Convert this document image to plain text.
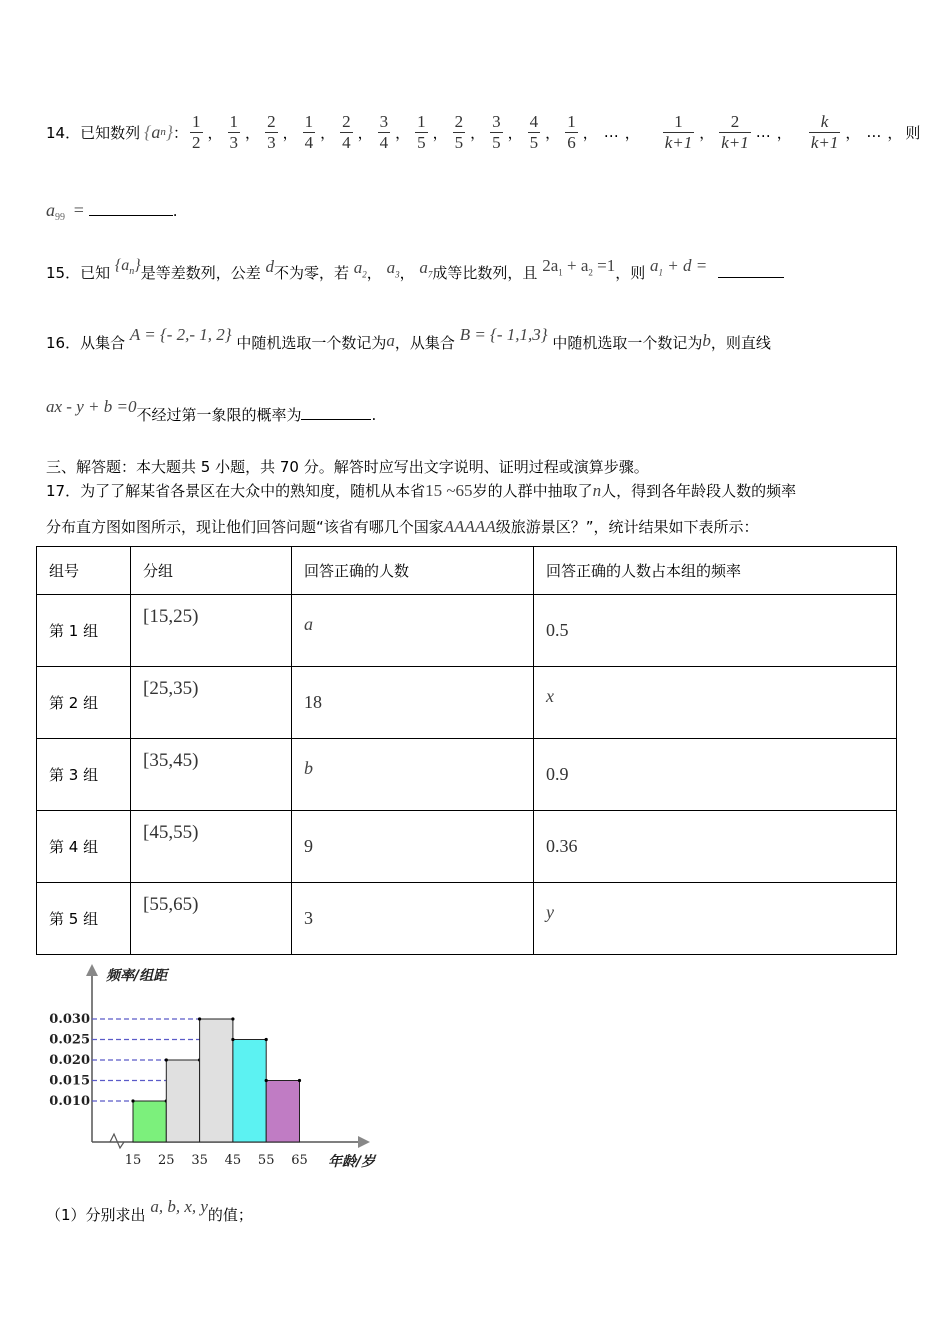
14． 已知数列 { a n } ： $\frac{1}{2}$ ， $\frac{1}{3}$ ， $\frac{2}{3}$ ， $\frac{1}{4}$ ， $\frac{2}{4}$ ， $\frac{3}{4}$ ， $\frac{1}{5}$ ， $\frac{2}{5}$ ， $\frac{3}{5}$ ， $\frac{4}{5}$ ， $\frac{1}{6}$ ， … ， $\frac{1}{k+1}$ ， $\frac{2}{k+1}$ … ， $\frac{k}{k+1}$ ， … ， 则
$a_{99}$ =	.
15．已知 $\{a_n\}$是等差数列，公差 d不为零，若 $a_2$， $a_3$， $a_7$成等比数列，且 $2a_1 + a_2 =1$，则 $a_1 + d$ =
16．从集合 A = {- 2,- 1, 2} 中随机选取一个数记为a，从集合 B = {- 1,1,3} 中随机选取一个数记为b，则直线
ax - y + b =0不经过第一象限的概率为	.
三、解答题：本大题共 5 小题，共 70 分。解答时应写出文字说明、证明过程或演算步骤。
17．为了了解某省各景区在大众中的熟知度，随机从本省15 ~65岁的人群中抽取了n人，得到各年龄段人数的频率
分布直方图如图所示，现让他们回答问题“该省有哪几个国家AAAAA级旅游景区？”，统计结果如下表所示：
组号	分组	回答正确的人数	回答正确的人数占本组的频率
第 1 组	[15,25)	a	0.5
第 2 组	[25,35)	18	x
第 3 组	[35,45)	b	0.9
第 4 组	[45,55)	9	0.36
第 5 组	[55,65)	3	y
0.010
0.015
0.020
0.025
0.030
15 25 35 45 55 65
频率/组距
年龄/岁
（1）分别求出 a, b, x, y的值；
